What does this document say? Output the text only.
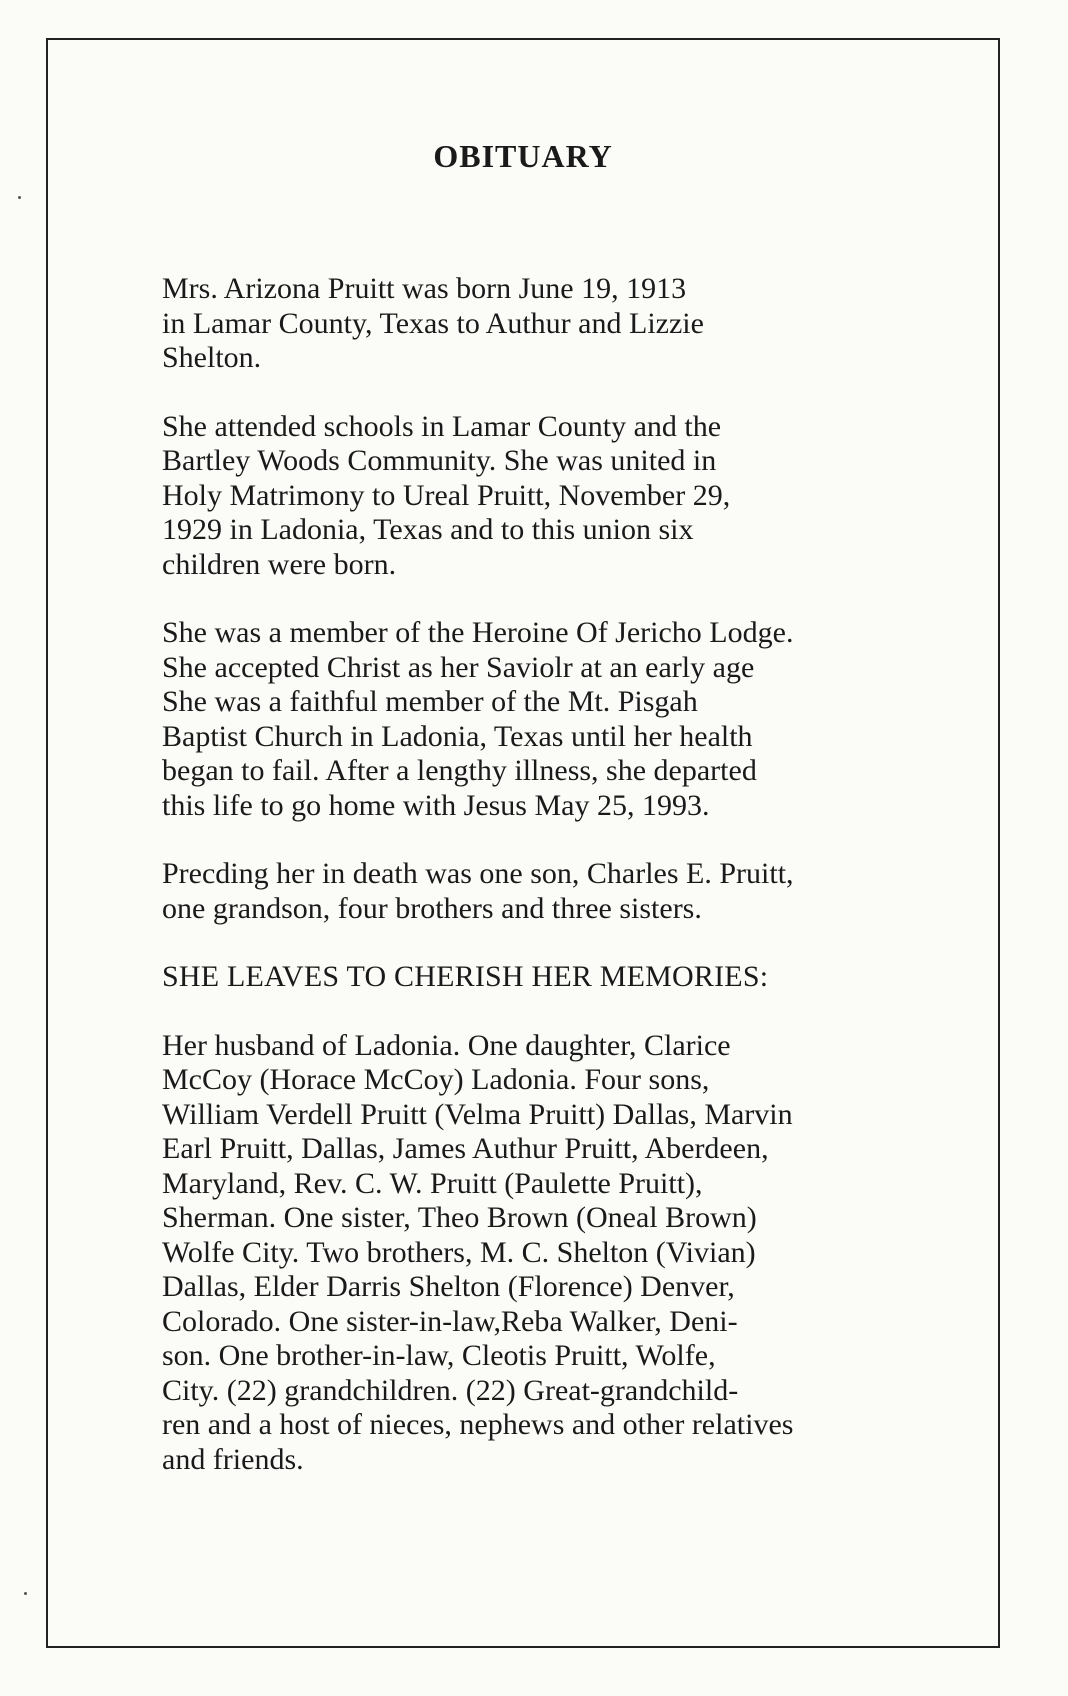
OBITUARY
Mrs. Arizona Pruitt was born June 19, 1913
in Lamar County, Texas to Authur and Lizzie
Shelton.
She attended schools in Lamar County and the
Bartley Woods Community. She was united in
Holy Matrimony to Ureal Pruitt, November 29,
1929 in Ladonia, Texas and to this union six
children were born.
She was a member of the Heroine Of Jericho Lodge.
She accepted Christ as her Saviolr at an early age
She was a faithful member of the Mt. Pisgah
Baptist Church in Ladonia, Texas until her health
began to fail. After a lengthy illness, she departed
this life to go home with Jesus May 25, 1993.
Precding her in death was one son, Charles E. Pruitt,
one grandson, four brothers and three sisters.
SHE LEAVES TO CHERISH HER MEMORIES:
Her husband of Ladonia. One daughter, Clarice
McCoy (Horace McCoy) Ladonia. Four sons,
William Verdell Pruitt (Velma Pruitt) Dallas, Marvin
Earl Pruitt, Dallas, James Authur Pruitt, Aberdeen,
Maryland, Rev. C. W. Pruitt (Paulette Pruitt),
Sherman. One sister, Theo Brown (Oneal Brown)
Wolfe City. Two brothers, M. C. Shelton (Vivian)
Dallas, Elder Darris Shelton (Florence) Denver,
Colorado. One sister-in-law,Reba Walker, Deni-
son. One brother-in-law, Cleotis Pruitt, Wolfe,
City. (22) grandchildren. (22) Great-grandchild-
ren and a host of nieces, nephews and other relatives
and friends.
